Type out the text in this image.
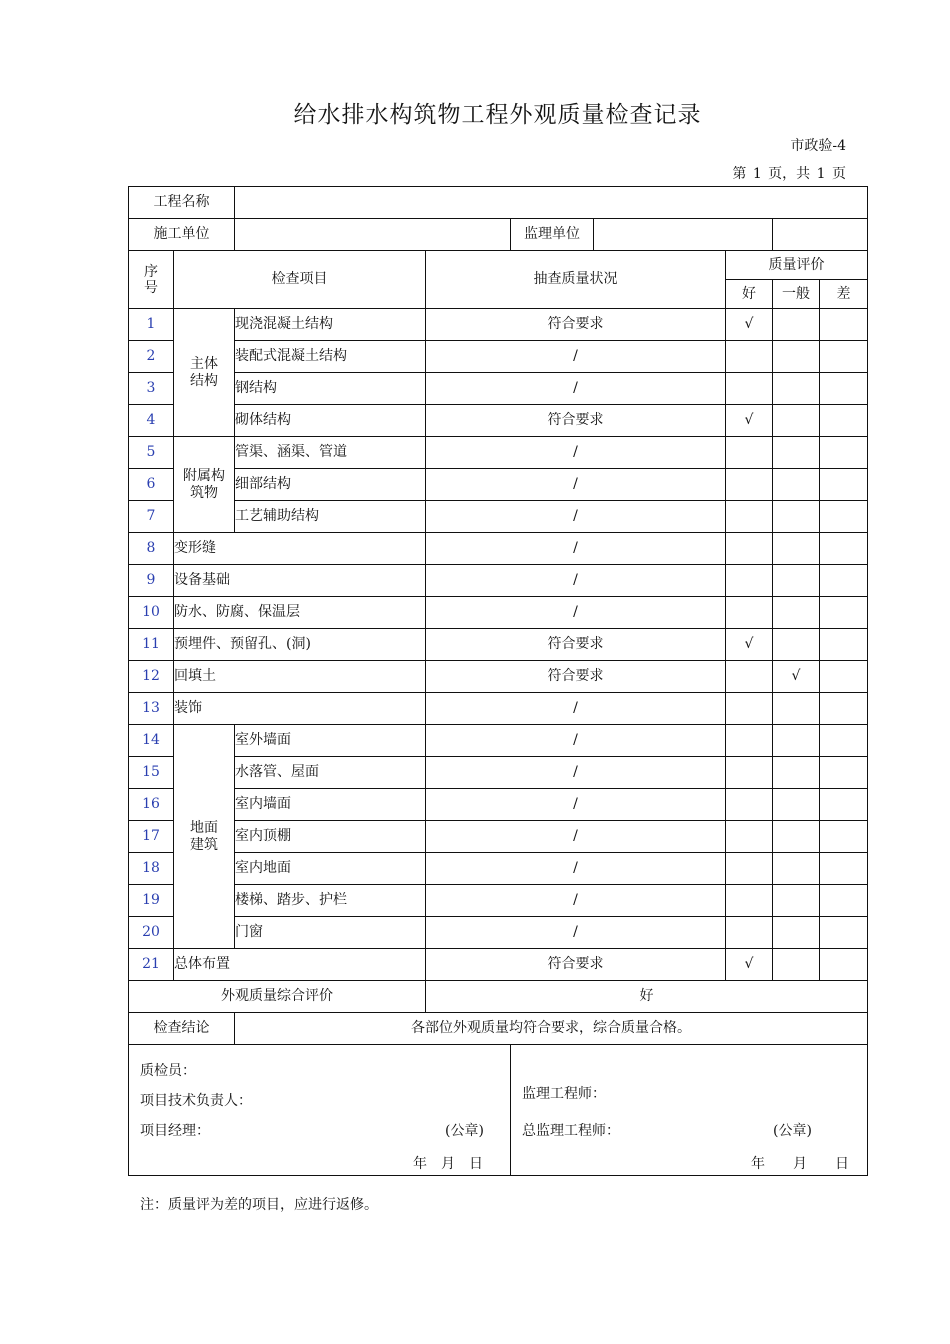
给水排水构筑物工程外观质量检查记录
市政验-4
第 1 页，共 1 页
工程名称	
施工单位			监理单位	

序号	检查项目	抽查质量状况	质量评价
好	一般	差
1	主体结构	现浇混凝土结构	符合要求	√		
2	装配式混凝土结构	/			
3	钢结构	/			
4	砌体结构	符合要求	√		
5	附属构筑物	管渠、涵渠、管道	/			
6	细部结构	/			
7	工艺辅助结构	/			
8	变形缝	/			
9	设备基础	/			
10	防水、防腐、保温层	/			
11	预埋件、预留孔、(洞)	符合要求	√		
12	回填土	符合要求		√	
13	装饰	/			
14	地面建筑	室外墙面	/			
15	水落管、屋面	/			
16	室内墙面	/			
17	室内顶棚	/			
18	室内地面	/			
19	楼梯、踏步、护栏	/			
20	门窗	/			
21	总体布置	符合要求	√		
外观质量综合评价	好
检查结论	各部位外观质量均符合要求，综合质量合格。

质检员：
项目技术负责人：
项目经理：	(公章)
年　月　日

监理工程师：
总监理工程师：	(公章)
年　　月　　日
注：质量评为差的项目，应进行返修。
